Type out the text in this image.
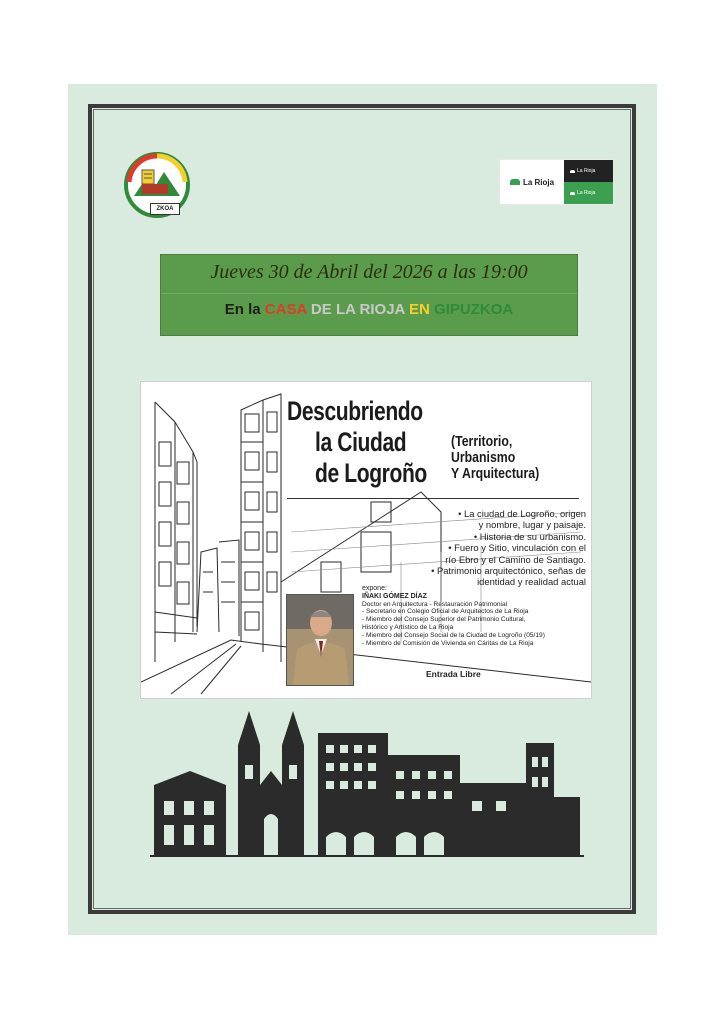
ZKOA
La Rioja
La Rioja
La Rioja
Jueves 30 de Abril del 2026 a las 19:00
En la CASA DE LA RIOJA EN GIPUZKOA
Descubriendo
la Ciudad
de Logroño
(Territorio,
Urbanismo
Y Arquitectura)
• La ciudad de Logroño, origen
y nombre, lugar y paisaje.
• Historia de su urbanismo.
• Fuero y Sitio, vinculación con el
río Ebro y el Camino de Santiago.
• Patrimonio arquitectónico, señas de
identidad y realidad actual
expone:
IÑAKI GÓMEZ DÍAZ
Doctor en Arquitectura - Restauración Patrimonial
- Secretario en Colegio Oficial de Arquitectos de La Rioja
- Miembro del Consejo Superior del Patrimonio Cultural,
Histórico y Artístico de La Rioja
- Miembro del Consejo Social de la Ciudad de Logroño (05/19)
- Miembro de Comisión de Vivienda en Cáritas de La Rioja
Entrada Libre
